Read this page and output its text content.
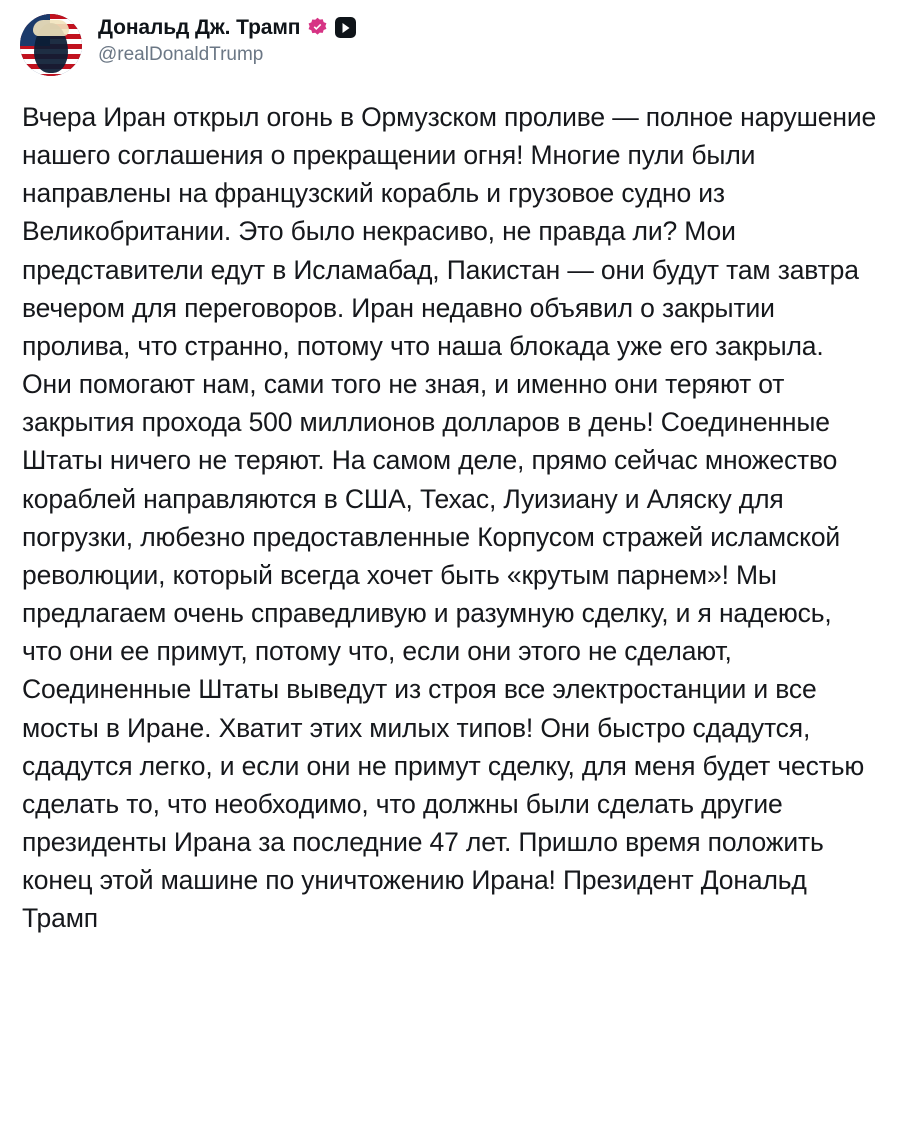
Дональд Дж. Трамп
@realDonaldTrump
Вчера Иран открыл огонь в Ормузском проливе — полное нарушение нашего соглашения о прекращении огня! Многие пули были направлены на французский корабль и грузовое судно из Великобритании. Это было некрасиво, не правда ли? Мои представители едут в Исламабад, Пакистан — они будут там завтра вечером для переговоров. Иран недавно объявил о закрытии пролива, что странно, потому что наша блокада уже его закрыла. Они помогают нам, сами того не зная, и именно они теряют от закрытия прохода 500 миллионов долларов в день! Соединенные Штаты ничего не теряют. На самом деле, прямо сейчас множество кораблей направляются в США, Техас, Луизиану и Аляску для погрузки, любезно предоставленные Корпусом стражей исламской революции, который всегда хочет быть «крутым парнем»! Мы предлагаем очень справедливую и разумную сделку, и я надеюсь, что они ее примут, потому что, если они этого не сделают, Соединенные Штаты выведут из строя все электростанции и все мосты в Иране. Хватит этих милых типов! Они быстро сдадутся, сдадутся легко, и если они не примут сделку, для меня будет честью сделать то, что необходимо, что должны были сделать другие президенты Ирана за последние 47 лет. Пришло время положить конец этой машине по уничтожению Ирана! Президент Дональд Трамп
